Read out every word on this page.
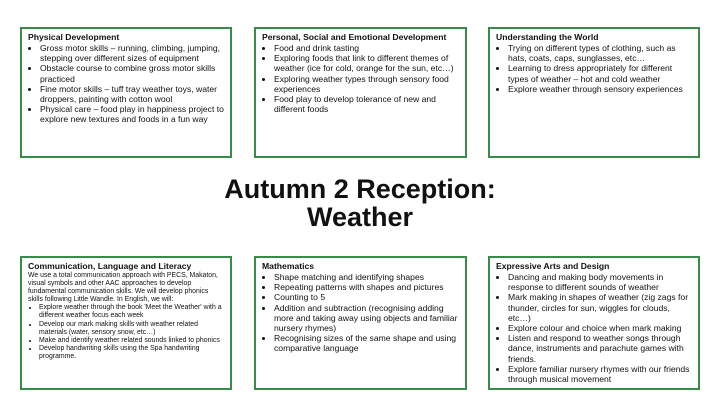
Physical Development
• Gross motor skills – running, climbing, jumping, stepping over different sizes of equipment
• Obstacle course to combine gross motor skills practiced
• Fine motor skills – tuff tray weather toys, water droppers, painting with cotton wool
• Physical care – food play in happiness project to explore new textures and foods in a fun way
Personal, Social and Emotional Development
• Food and drink tasting
• Exploring foods that link to different themes of weather (ice for cold, orange for the sun, etc…)
• Exploring weather types through sensory food experiences
• Food play to develop tolerance of new and different foods
Understanding the World
• Trying on different types of clothing, such as hats, coats, caps, sunglasses, etc…
• Learning to dress appropriately for different types of weather – hot and cold weather
• Explore weather through sensory experiences
Autumn 2 Reception:
Weather
Communication, Language and Literacy

We use a total communication approach with PECS, Makaton, visual symbols and other AAC approaches to develop fundamental communication skills. We will develop phonics skills following Little Wandle. In English, we will:

• Explore weather through the book 'Meet the Weather' with a different weather focus each week
• Develop our mark making skills with weather related materials (water, sensory snow, etc…)
• Make and identify weather related sounds linked to phonics
• Develop handwriting skills using the Spa handwriting programme.
Mathematics
• Shape matching and identifying shapes
• Repeating patterns with shapes and pictures
• Counting to 5
• Addition and subtraction (recognising adding more and taking away using objects and familiar nursery rhymes)
• Recognising sizes of the same shape and using comparative language
Expressive Arts and Design
• Dancing and making body movements in response to different sounds of weather
• Mark making in shapes of weather (zig zags for thunder, circles for sun, wiggles for clouds, etc…)
• Explore colour and choice when mark making
• Listen and respond to weather songs through dance, instruments and parachute games with friends.
• Explore familiar nursery rhymes with our friends through musical movement
